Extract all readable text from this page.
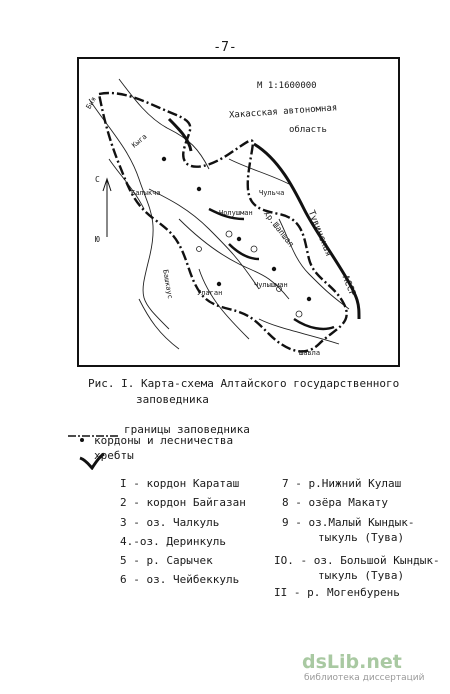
-7-
М 1:1600000
Хакасская автономная
область
Тувинская
АССР
хр.Шапшал
С
Ю
Бия
Улаган
Башкаус
Балыкча
Чулышман
Кыга
Чолушман
Чульча
Шавла
Рис. I. Карта-схема Алтайского государственного
заповедника
границы заповедника
кордоны и лесничества
хребты
I - кордон Караташ
2 - кордон Байгазан
3 - оз. Чалкуль
4.-оз. Деринкуль
5 - р. Сарычек
6 - оз. Чейбеккуль
7 - р.Нижний Кулаш
8 - озёра Макату
9 - оз.Малый Кындык-
тыкуль (Тува)
IO. - оз. Большой Кындык-
тыкуль (Тува)
II - р. Могенбурень
dsLib.net
библиотека диссертаций
